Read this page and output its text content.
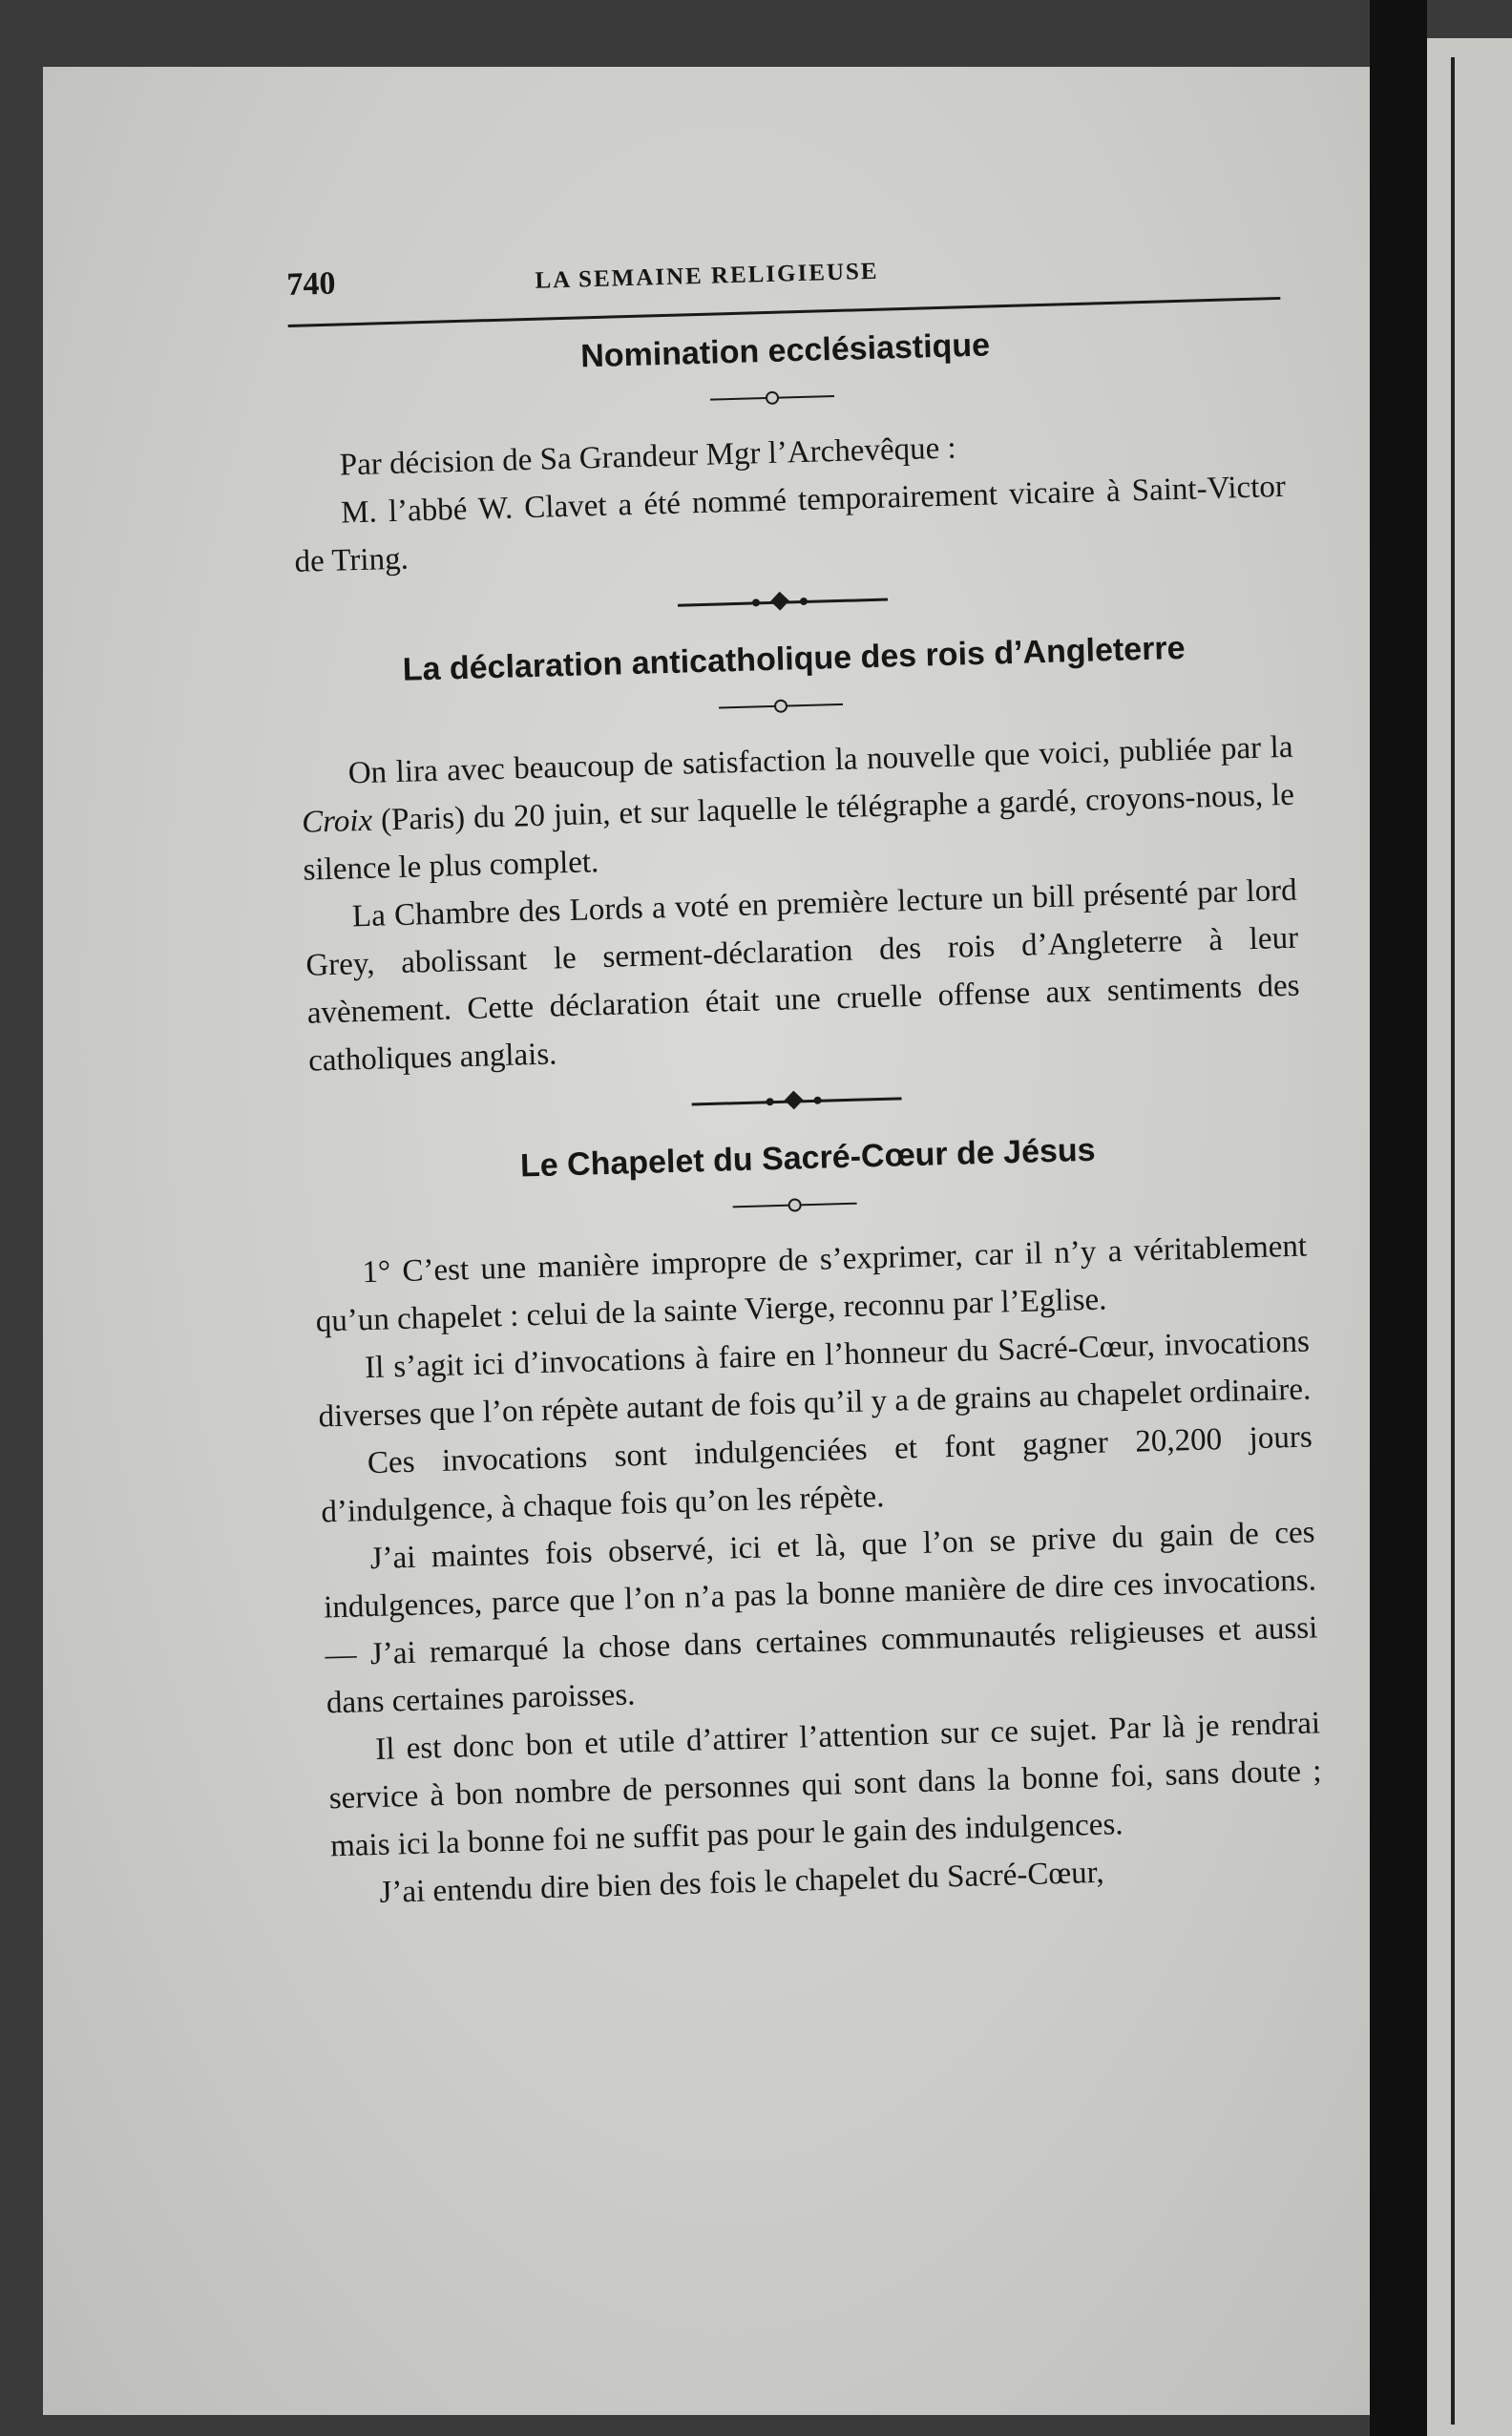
740	LA SEMAINE RELIGIEUSE
Nomination ecclésiastique

Par décision de Sa Grandeur Mgr l’Archevêque :

M. l’abbé W. Clavet a été nommé temporairement vicaire à Saint-Victor de Tring.

La déclaration anticatholique des rois d’Angleterre

On lira avec beaucoup de satisfaction la nouvelle que voici, publiée par la Croix (Paris) du 20 juin, et sur laquelle le télégraphe a gardé, croyons-nous, le silence le plus complet.

La Chambre des Lords a voté en première lecture un bill présenté par lord Grey, abolissant le serment-déclaration des rois d’Angleterre à leur avènement. Cette déclaration était une cruelle offense aux sentiments des catholiques anglais.

Le Chapelet du Sacré-Cœur de Jésus

1° C’est une manière impropre de s’exprimer, car il n’y a véritablement qu’un chapelet : celui de la sainte Vierge, reconnu par l’Eglise.

Il s’agit ici d’invocations à faire en l’honneur du Sacré-Cœur, invocations diverses que l’on répète autant de fois qu’il y a de grains au chapelet ordinaire.

Ces invocations sont indulgenciées et font gagner 20,200 jours d’indulgence, à chaque fois qu’on les répète.

J’ai maintes fois observé, ici et là, que l’on se prive du gain de ces indulgences, parce que l’on n’a pas la bonne manière de dire ces invocations. — J’ai remarqué la chose dans certaines communautés religieuses et aussi dans certaines paroisses.

Il est donc bon et utile d’attirer l’attention sur ce sujet. Par là je rendrai service à bon nombre de personnes qui sont dans la bonne foi, sans doute ; mais ici la bonne foi ne suffit pas pour le gain des indulgences.

J’ai entendu dire bien des fois le chapelet du Sacré-Cœur,
